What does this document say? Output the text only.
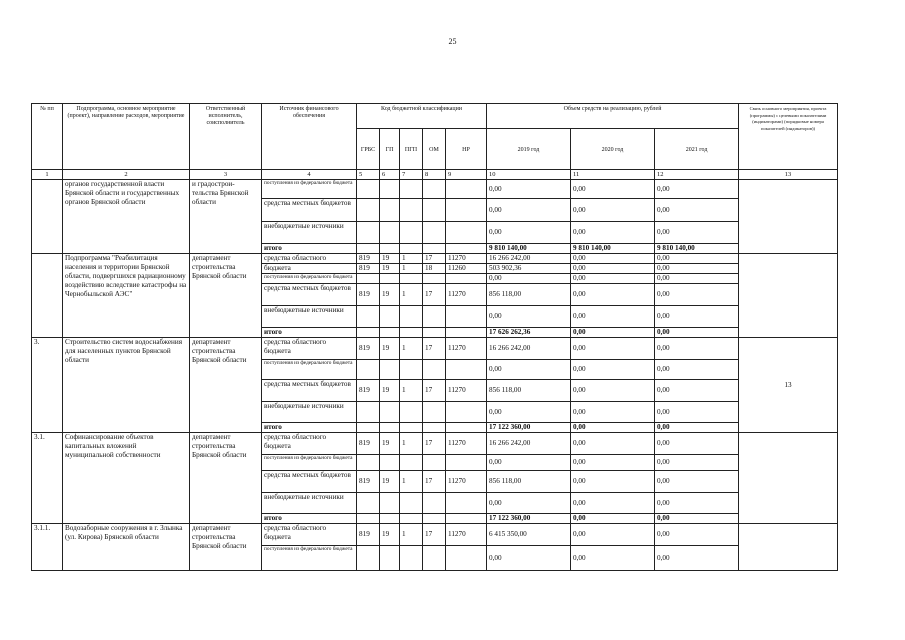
25
№ пп	Подпрограмма, основное мероприятие (проект), направление расходов, мероприятие	Ответственный исполнитель, соисполнитель	Источник финансового обеспечения	Код бюджетной классификации					Объем средств на реализацию, рублей			Связь основного мероприятия, проекта (программы) с целевыми показателями (индикаторами) (порядковые номера показателей (индикаторов))
				ГРБС	ГП	ПГП	ОМ	НР	2019 год	2020 год	2021 год	
1	2	3	4	5	6	7	8	9	10	11	12	13
	органов государственной власти Брянской области и государственных органов Брянской области	и градострои-тельства Брянской области	поступления из федерального бюджета						0,00	0,00	0,00	
			средства местных бюджетов						0,00	0,00	0,00	
			внебюджетные источники						0,00	0,00	0,00	
			итого						9 810 140,00	9 810 140,00	9 810 140,00	
	Подпрограмма "Реабилитация населения и территории Брянской области, подвергшихся радиационному воздействию вследствие катастрофы на Чернобыльской АЭС"	департамент строительства Брянской области	средства областного	819	19	1	17	11270	16 266 242,00	0,00	0,00	
			бюджета	819	19	1	18	11260	503 902,36	0,00	0,00	
			поступления из федерального бюджета						0,00	0,00	0,00	
			средства местных бюджетов	819	19	1	17	11270	856 118,00	0,00	0,00	
			внебюджетные источники						0,00	0,00	0,00	
			итого						17 626 262,36	0,00	0,00	
3.	Строительство систем водоснабжения для населенных пунктов Брянской области	департамент строительства Брянской области	средства областного бюджета	819	19	1	17	11270	16 266 242,00	0,00	0,00	13
			поступления из федерального бюджета						0,00	0,00	0,00	
			средства местных бюджетов	819	19	1	17	11270	856 118,00	0,00	0,00	
			внебюджетные источники						0,00	0,00	0,00	
			итого						17 122 360,00	0,00	0,00	
3.1.	Софинансирование объектов капитальных вложений муниципальной собственности	департамент строительства Брянской области	средства областного бюджета	819	19	1	17	11270	16 266 242,00	0,00	0,00	
			поступления из федерального бюджета						0,00	0,00	0,00	
			средства местных бюджетов	819	19	1	17	11270	856 118,00	0,00	0,00	
			внебюджетные источники						0,00	0,00	0,00	
			итого						17 122 360,00	0,00	0,00	
3.1.1.	Водозаборные сооружения в г. Злынка (ул. Кирова) Брянской области	департамент строительства Брянской области	средства областного бюджета	819	19	1	17	11270	6 415 350,00	0,00	0,00	
			поступления из федерального бюджета						0,00	0,00	0,00	
